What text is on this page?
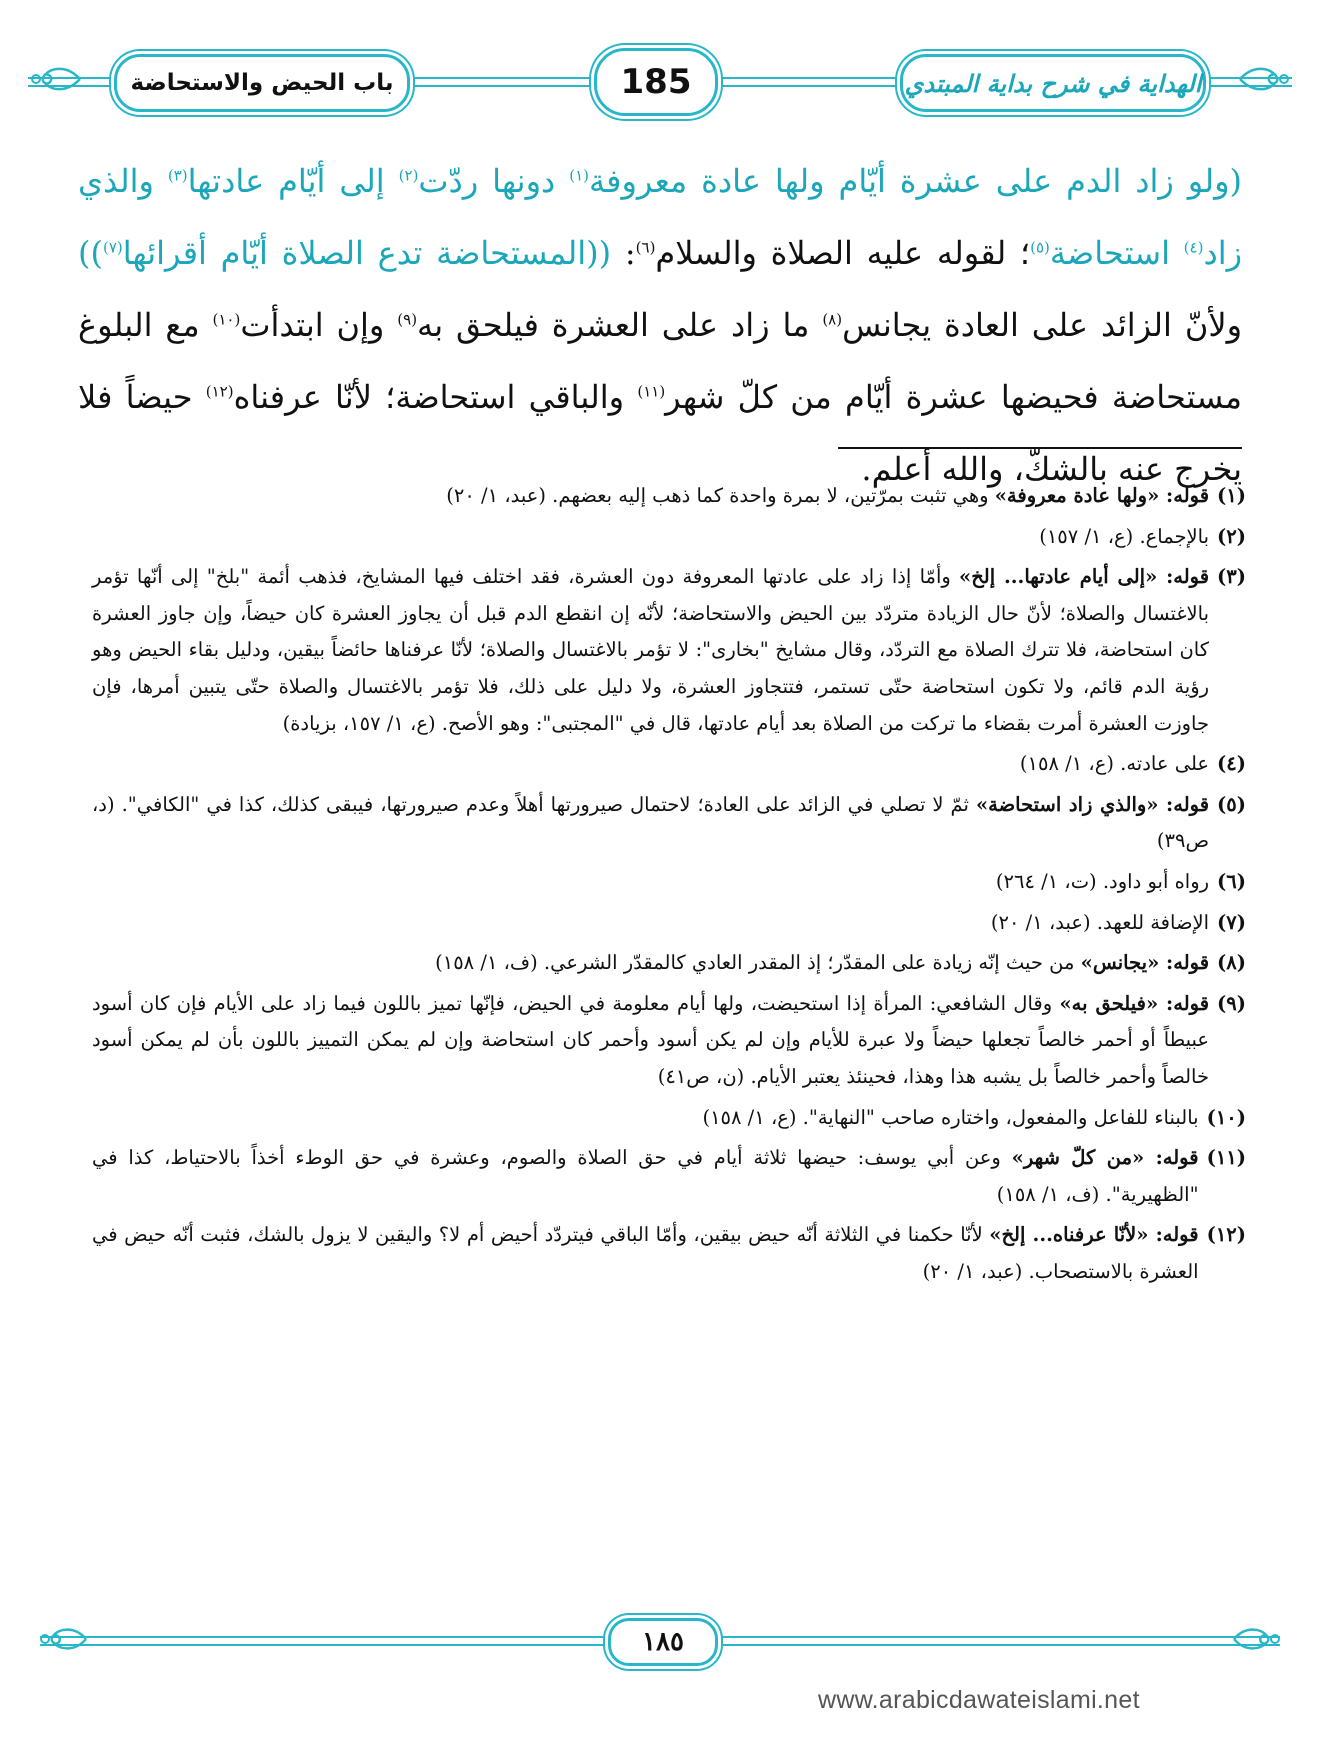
باب الحيض والاستحاضة	185	الهداية في شرح بداية المبتدي

(ولو زاد الدم على عشرة أيّام ولها عادة معروفة$^{(١)}$ دونها ردّت$^{(٢)}$ إلى أيّام عادتها$^{(٣)}$ والذي زاد$^{(٤)}$ استحاضة$^{(٥)}$؛ لقوله عليه الصلاة والسلام$^{(٦)}$: ((المستحاضة تدع الصلاة أيّام أقرائها$^{(٧)}$)) ولأنّ الزائد على العادة يجانس$^{(٨)}$ ما زاد على العشرة فيلحق به$^{(٩)}$ وإن ابتدأت$^{(١٠)}$ مع البلوغ مستحاضة فحيضها عشرة أيّام من كلّ شهر$^{(١١)}$ والباقي استحاضة؛ لأنّا عرفناه$^{(١٢)}$ حيضاً فلا يخرج عنه بالشكّ، والله أعلم.

(١)
قوله: «ولها عادة معروفة» وهي تثبت بمرّتين، لا بمرة واحدة كما ذهب إليه بعضهم. (عبد، ١/ ٢٠)
(٢)
بالإجماع. (ع، ١/ ١٥٧)
(٣)
قوله: «إلى أيام عادتها... إلخ» وأمّا إذا زاد على عادتها المعروفة دون العشرة، فقد اختلف فيها المشايخ، فذهب أئمة "بلخ" إلى أنّها تؤمر بالاغتسال والصلاة؛ لأنّ حال الزيادة متردّد بين الحيض والاستحاضة؛ لأنّه إن انقطع الدم قبل أن يجاوز العشرة كان حيضاً، وإن جاوز العشرة كان استحاضة، فلا تترك الصلاة مع التردّد، وقال مشايخ "بخارى": لا تؤمر بالاغتسال والصلاة؛ لأنّا عرفناها حائضاً بيقين، ودليل بقاء الحيض وهو رؤية الدم قائم، ولا تكون استحاضة حتّى تستمر، فتتجاوز العشرة، ولا دليل على ذلك، فلا تؤمر بالاغتسال والصلاة حتّى يتبين أمرها، فإن جاوزت العشرة أمرت بقضاء ما تركت من الصلاة بعد أيام عادتها، قال في "المجتبى": وهو الأصح. (ع، ١/ ١٥٧، بزيادة)
(٤)
على عادته. (ع، ١/ ١٥٨)
(٥)
قوله: «والذي زاد استحاضة» ثمّ لا تصلي في الزائد على العادة؛ لاحتمال صيرورتها أهلاً وعدم صيرورتها، فيبقى كذلك، كذا في "الكافي". (د، ص٣٩)
(٦)
رواه أبو داود. (ت، ١/ ٢٦٤)
(٧)
الإضافة للعهد. (عبد، ١/ ٢٠)
(٨)
قوله: «يجانس» من حيث إنّه زيادة على المقدّر؛ إذ المقدر العادي كالمقدّر الشرعي. (ف، ١/ ١٥٨)
(٩)
قوله: «فيلحق به» وقال الشافعي: المرأة إذا استحيضت، ولها أيام معلومة في الحيض، فإنّها تميز باللون فيما زاد على الأيام فإن كان أسود عبيطاً أو أحمر خالصاً تجعلها حيضاً ولا عبرة للأيام وإن لم يكن أسود وأحمر كان استحاضة وإن لم يمكن التمييز باللون بأن لم يمكن أسود خالصاً وأحمر خالصاً بل يشبه هذا وهذا، فحينئذ يعتبر الأيام. (ن، ص٤١)
(١٠)
بالبناء للفاعل والمفعول، واختاره صاحب "النهاية". (ع، ١/ ١٥٨)
(١١)
قوله: «من كلّ شهر» وعن أبي يوسف: حيضها ثلاثة أيام في حق الصلاة والصوم، وعشرة في حق الوطء أخذاً بالاحتياط، كذا في "الظهيرية". (ف، ١/ ١٥٨)
(١٢)
قوله: «لأنّا عرفناه... إلخ» لأنّا حكمنا في الثلاثة أنّه حيض بيقين، وأمّا الباقي فيتردّد أحيض أم لا؟ واليقين لا يزول بالشك، فثبت أنّه حيض في العشرة بالاستصحاب. (عبد، ١/ ٢٠)
١٨٥
www.arabicdawateislami.net
